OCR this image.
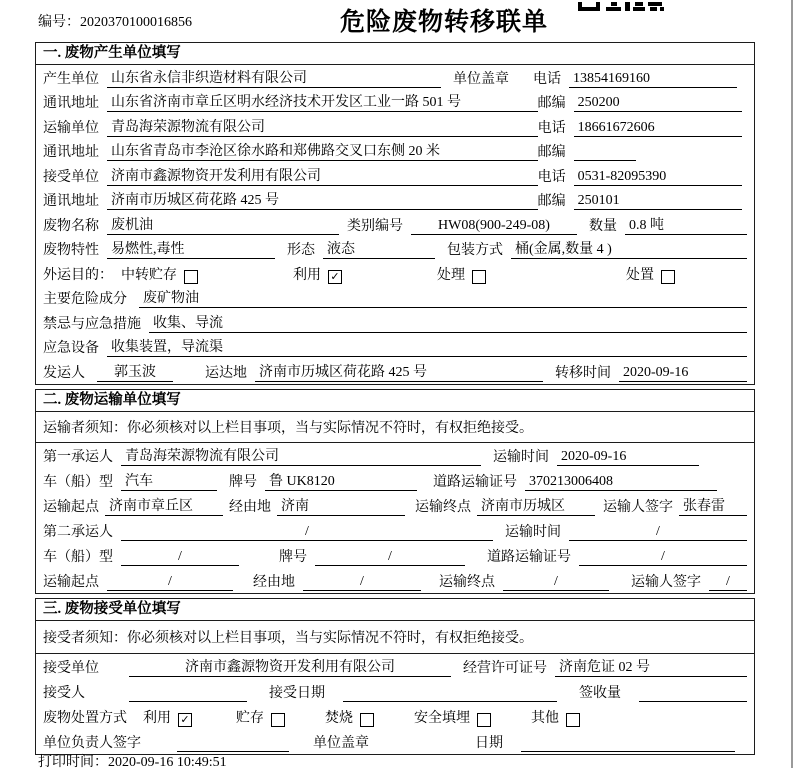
编号：2020370100016856	危险废物转移联单
一. 废物产生单位填写
产生单位 山东省永信非织造材料有限公司	单位盖章 电话 13854169160
通讯地址 山东省济南市章丘区明水经济技术开发区工业一路 501 号	邮编 250200
运输单位 青岛海荣源物流有限公司	电话 18661672606
通讯地址 山东省青岛市李沧区徐水路和郑佛路交叉口东侧 20 米	邮编
接受单位 济南市鑫源物资开发利用有限公司	电话 0531-82095390
通讯地址 济南市历城区荷花路 425 号	邮编 250101
废物名称 废机油	类别编号	HW08(900-249-08)	数量 0.8 吨
废物特性 易燃性,毒性	形态 液态	包装方式 桶(金属,数量 4 )
外运目的： 中转贮存	利用 ✓	处理	处置
主要危险成分 废矿物油
禁忌与应急措施 收集、导流
应急设备 收集装置，导流渠
发运人	郭玉波	运达地 济南市历城区荷花路 425 号	转移时间 2020-09-16
二. 废物运输单位填写
运输者须知： 你必须核对以上栏目事项，当与实际情况不符时，有权拒绝接受。
第一承运人 青岛海荣源物流有限公司	运输时间 2020-09-16
车（船）型 汽车	牌号 鲁 UK8120	道路运输证号 370213006408
运输起点 济南市章丘区	经由地 济南	运输终点 济南市历城区	运输人签字 张春雷
第二承运人	/	运输时间	/
车（船）型	/	牌号	/	道路运输证号	/
运输起点	/	经由地	/	运输终点	/	运输人签字	/
三. 废物接受单位填写
接受者须知： 你必须核对以上栏目事项，当与实际情况不符时，有权拒绝接受。
接受单位	济南市鑫源物资开发利用有限公司	经营许可证号 济南危证 02 号
接受人	接受日期	签收量
废物处置方式 利用 ✓	贮存	焚烧	安全填埋	其他
单位负责人签字	单位盖章	日期
打印时间：2020-09-16 10:49:51
